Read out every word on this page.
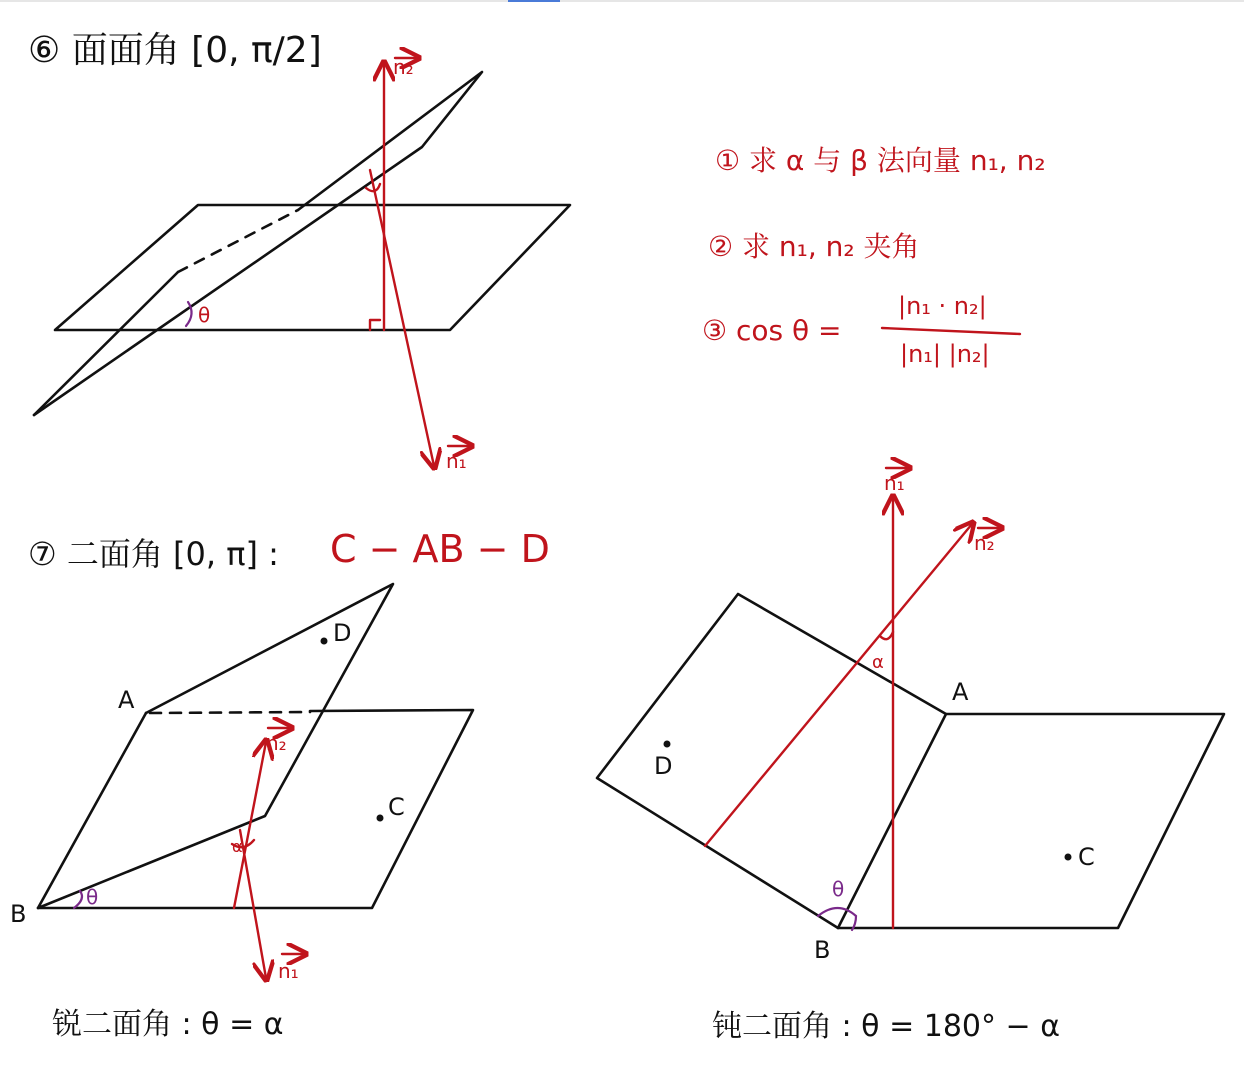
⑥ 面面角 [0, π/2]
θ
n₂
n₁
① 求 α 与 β 法向量 n₁, n₂
② 求 n₁, n₂ 夹角
③ cos θ =
|n₁ · n₂|
|n₁| |n₂|
⑦ 二面角 [0, π] : C − AB − D
A
B
C
D
θ
n₂
n₁
α
锐二面角 : θ = α
A
B
C
D
θ
n₁
n₂
α
钝二面角 : θ = 180° − α
